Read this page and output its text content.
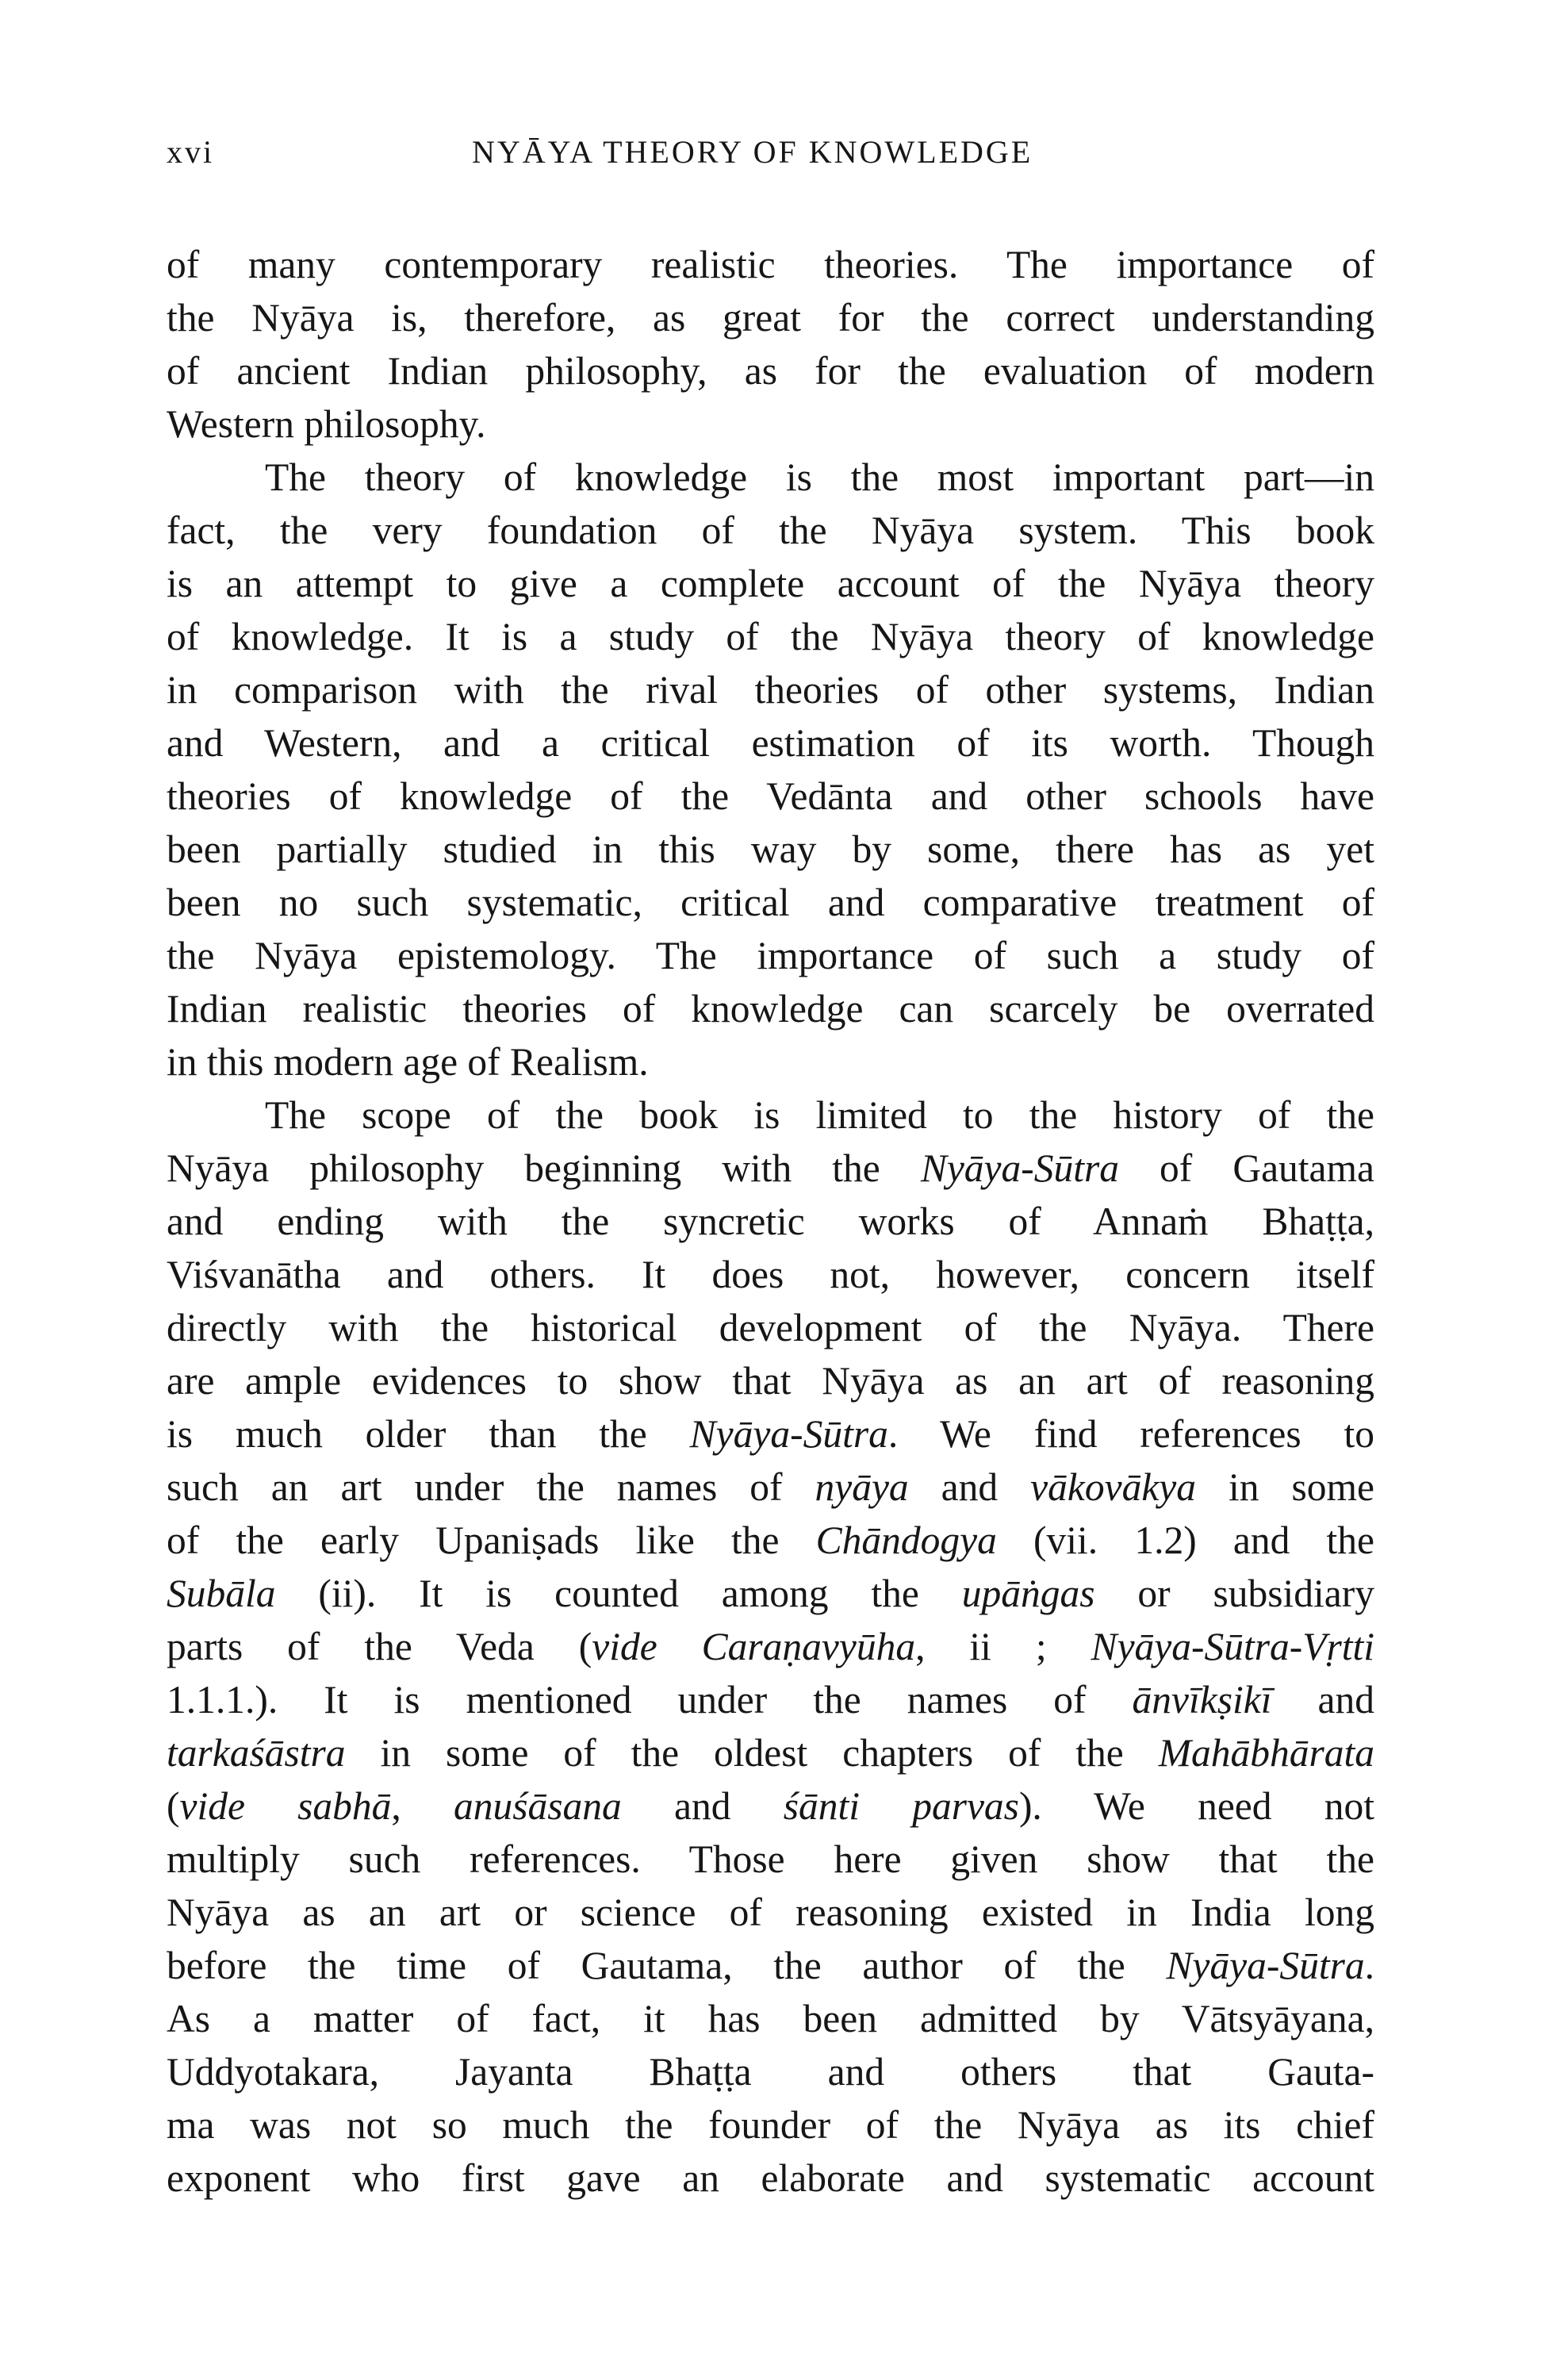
xvi	NYĀYA THEORY OF KNOWLEDGE
of many contemporary realistic theories. The importance of
the Nyāya is, therefore, as great for the correct understanding
of ancient Indian philosophy, as for the evaluation of modern
Western philosophy.
The theory of knowledge is the most important part—in
fact, the very foundation of the Nyāya system. This book
is an attempt to give a complete account of the Nyāya theory
of knowledge. It is a study of the Nyāya theory of knowledge
in comparison with the rival theories of other systems, Indian
and Western, and a critical estimation of its worth. Though
theories of knowledge of the Vedānta and other schools have
been partially studied in this way by some, there has as yet
been no such systematic, critical and comparative treatment of
the Nyāya epistemology. The importance of such a study of
Indian realistic theories of knowledge can scarcely be overrated
in this modern age of Realism.
The scope of the book is limited to the history of the
Nyāya philosophy beginning with the Nyāya-Sūtra of Gautama
and ending with the syncretic works of Annaṁ Bhaṭṭa,
Viśvanātha and others. It does not, however, concern itself
directly with the historical development of the Nyāya. There
are ample evidences to show that Nyāya as an art of reasoning
is much older than the Nyāya-Sūtra. We find references to
such an art under the names of nyāya and vākovākya in some
of the early Upaniṣads like the Chāndogya (vii. 1.2) and the
Subāla (ii). It is counted among the upāṅgas or subsidiary
parts of the Veda (vide Caraṇavyūha, ii ; Nyāya-Sūtra-Vṛtti
1.1.1.). It is mentioned under the names of ānvīkṣikī and
tarkaśāstra in some of the oldest chapters of the Mahābhārata
(vide sabhā, anuśāsana and śānti parvas). We need not
multiply such references. Those here given show that the
Nyāya as an art or science of reasoning existed in India long
before the time of Gautama, the author of the Nyāya-Sūtra.
As a matter of fact, it has been admitted by Vātsyāyana,
Uddyotakara, Jayanta Bhaṭṭa and others that Gauta-
ma was not so much the founder of the Nyāya as its chief
exponent who first gave an elaborate and systematic account
